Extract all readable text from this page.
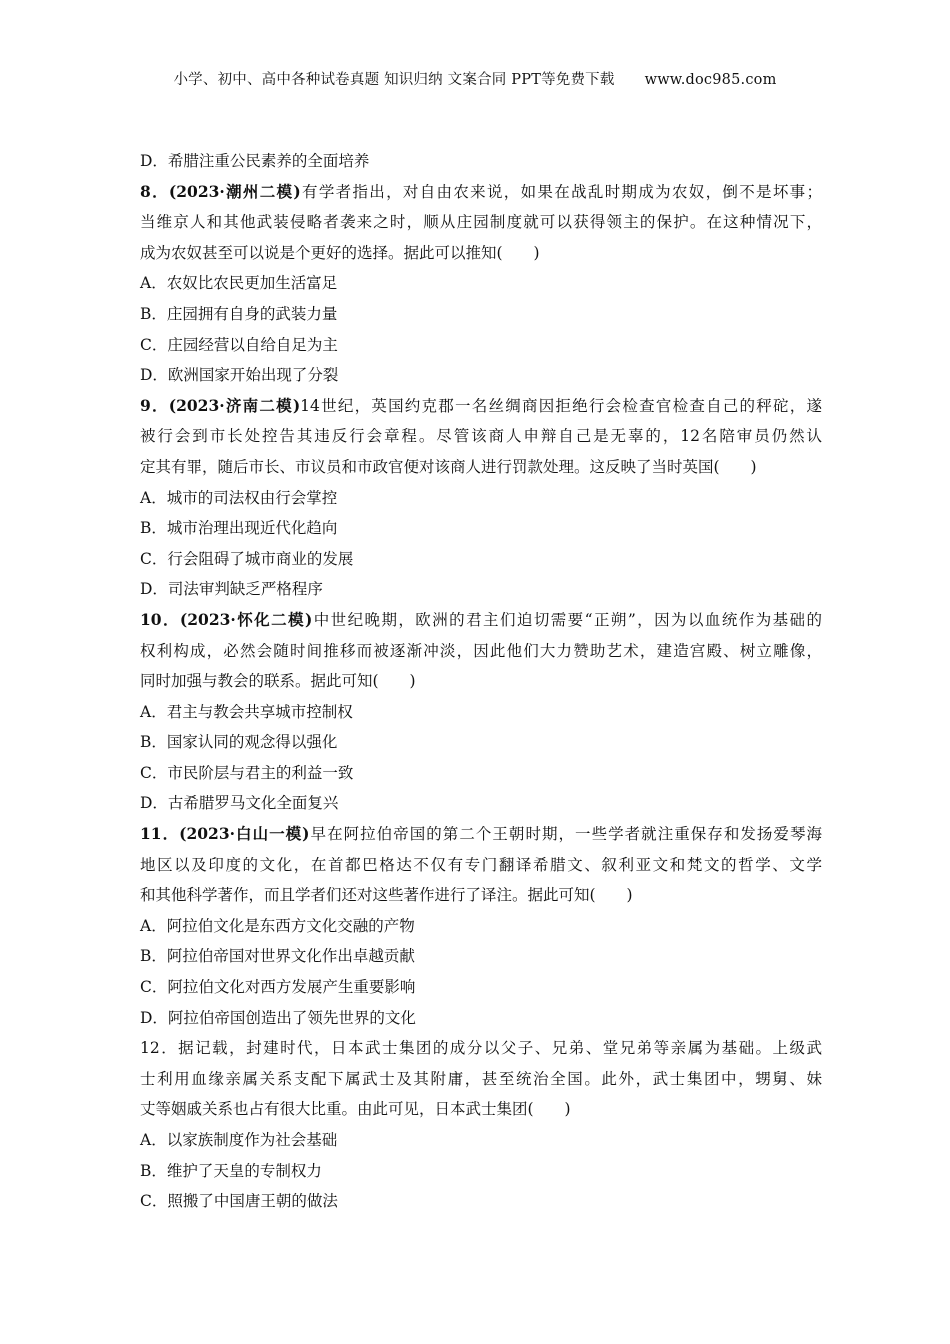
小学、初中、高中各种试卷真题 知识归纳 文案合同 PPT等免费下载 www.doc985.com
D．希腊注重公民素养的全面培养
8．(2023·潮州二模)有学者指出，对自由农来说，如果在战乱时期成为农奴，倒不是坏事；
当维京人和其他武装侵略者袭来之时，顺从庄园制度就可以获得领主的保护。在这种情况下，
成为农奴甚至可以说是个更好的选择。据此可以推知(　　)
A．农奴比农民更加生活富足
B．庄园拥有自身的武装力量
C．庄园经营以自给自足为主
D．欧洲国家开始出现了分裂
9．(2023·济南二模)14世纪，英国约克郡一名丝绸商因拒绝行会检查官检查自己的秤砣，遂
被行会到市长处控告其违反行会章程。尽管该商人申辩自己是无辜的，12名陪审员仍然认
定其有罪，随后市长、市议员和市政官便对该商人进行罚款处理。这反映了当时英国(　　)
A．城市的司法权由行会掌控
B．城市治理出现近代化趋向
C．行会阻碍了城市商业的发展
D．司法审判缺乏严格程序
10．(2023·怀化二模)中世纪晚期，欧洲的君主们迫切需要“正朔”，因为以血统作为基础的
权利构成，必然会随时间推移而被逐渐冲淡，因此他们大力赞助艺术，建造宫殿、树立雕像，
同时加强与教会的联系。据此可知(　　)
A．君主与教会共享城市控制权
B．国家认同的观念得以强化
C．市民阶层与君主的利益一致
D．古希腊罗马文化全面复兴
11．(2023·白山一模)早在阿拉伯帝国的第二个王朝时期，一些学者就注重保存和发扬爱琴海
地区以及印度的文化，在首都巴格达不仅有专门翻译希腊文、叙利亚文和梵文的哲学、文学
和其他科学著作，而且学者们还对这些著作进行了译注。据此可知(　　)
A．阿拉伯文化是东西方文化交融的产物
B．阿拉伯帝国对世界文化作出卓越贡献
C．阿拉伯文化对西方发展产生重要影响
D．阿拉伯帝国创造出了领先世界的文化
12．据记载，封建时代，日本武士集团的成分以父子、兄弟、堂兄弟等亲属为基础。上级武
士利用血缘亲属关系支配下属武士及其附庸，甚至统治全国。此外，武士集团中，甥舅、妹
丈等姻戚关系也占有很大比重。由此可见，日本武士集团(　　)
A．以家族制度作为社会基础
B．维护了天皇的专制权力
C．照搬了中国唐王朝的做法
